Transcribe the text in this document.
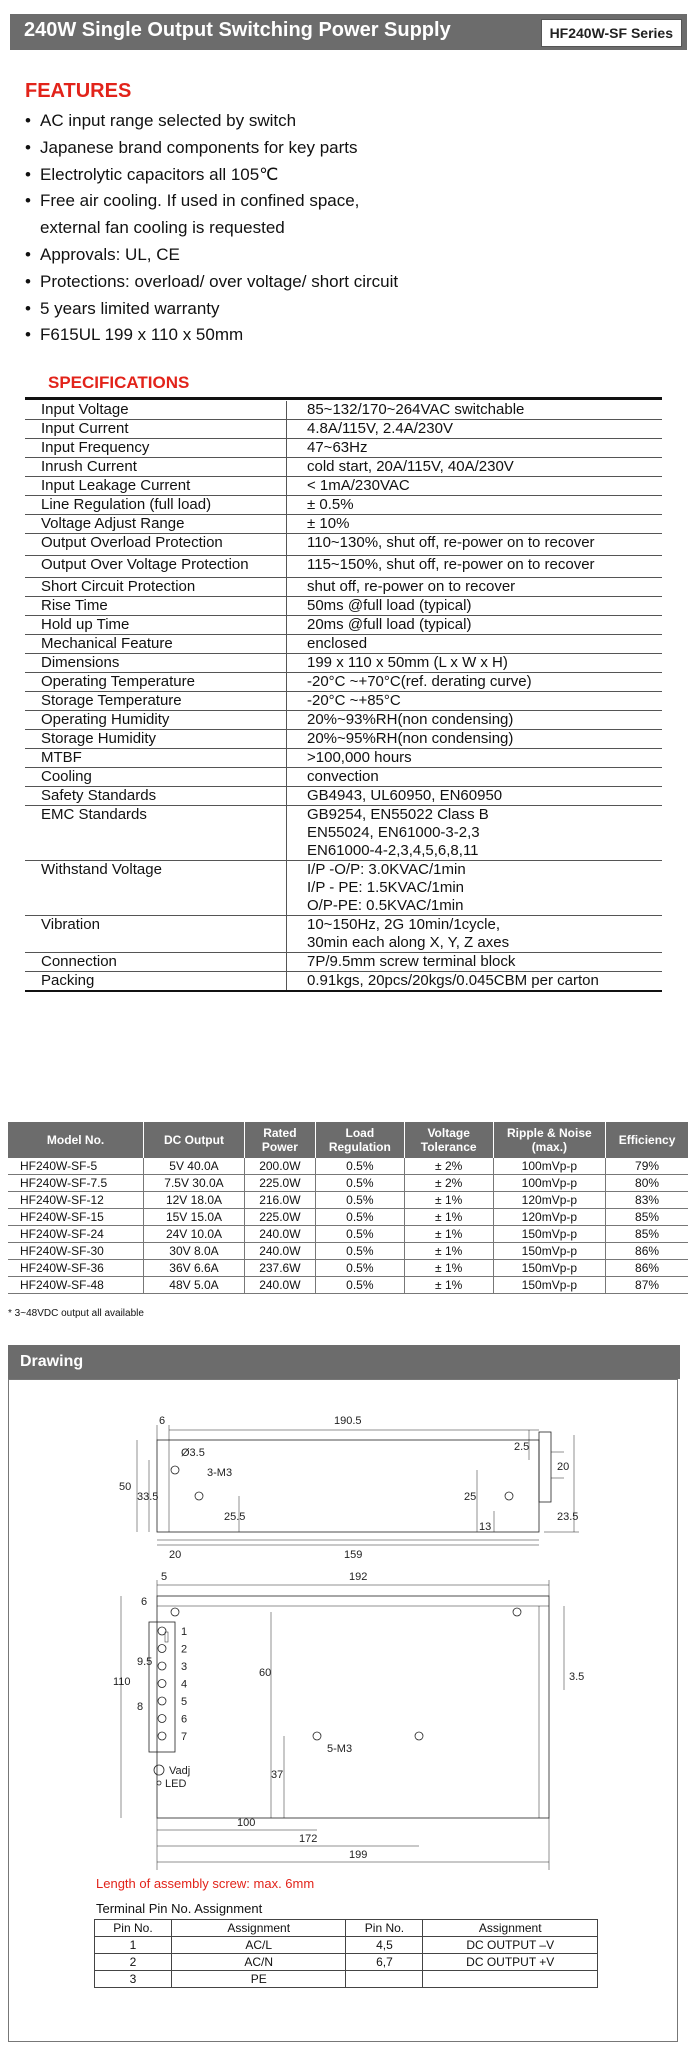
240W Single Output Switching Power Supply	HF240W-SF Series
FEATURES
• AC input range selected by switch
• Japanese brand components for key parts
• Electrolytic capacitors all 105℃
• Free air cooling. If used in confined space,
external fan cooling is requested
• Approvals: UL, CE
• Protections: overload/ over voltage/ short circuit
• 5 years limited warranty
• F615UL 199 x 110 x 50mm
SPECIFICATIONS
Input Voltage	85~132/170~264VAC switchable
Input Current	4.8A/115V, 2.4A/230V
Input Frequency	47~63Hz
Inrush Current	cold start, 20A/115V, 40A/230V
Input Leakage Current	< 1mA/230VAC
Line Regulation (full load)	± 0.5%
Voltage Adjust Range	± 10%
Output Overload Protection	110~130%, shut off, re-power on to recover
Output Over Voltage Protection	115~150%, shut off, re-power on to recover
Short Circuit Protection	shut off, re-power on to recover
Rise Time	50ms @full load (typical)
Hold up Time	20ms @full load (typical)
Mechanical Feature	enclosed
Dimensions	199 x 110 x 50mm (L x W x H)
Operating Temperature	-20°C ~+70°C(ref. derating curve)
Storage Temperature	-20°C ~+85°C
Operating Humidity	20%~93%RH(non condensing)
Storage Humidity	20%~95%RH(non condensing)
MTBF	>100,000 hours
Cooling	convection
Safety Standards	GB4943, UL60950, EN60950
EMC Standards	GB9254, EN55022 Class B
EN55024, EN61000-3-2,3
EN61000-4-2,3,4,5,6,8,11
Withstand Voltage	I/P -O/P: 3.0KVAC/1min
I/P - PE: 1.5KVAC/1min
O/P-PE: 0.5KVAC/1min
Vibration	10~150Hz, 2G 10min/1cycle,
30min each along X, Y, Z axes
Connection	7P/9.5mm screw terminal block
Packing	0.91kgs, 20pcs/20kgs/0.045CBM per carton
Model No.	DC Output	Rated Power	Load Regulation	Voltage Tolerance	Ripple & Noise (max.)	Efficiency
HF240W-SF-5	5V 40.0A	200.0W	0.5%	± 2%	100mVp-p	79%
HF240W-SF-7.5	7.5V 30.0A	225.0W	0.5%	± 2%	100mVp-p	80%
HF240W-SF-12	12V 18.0A	216.0W	0.5%	± 1%	120mVp-p	83%
HF240W-SF-15	15V 15.0A	225.0W	0.5%	± 1%	120mVp-p	85%
HF240W-SF-24	24V 10.0A	240.0W	0.5%	± 1%	150mVp-p	85%
HF240W-SF-30	30V 8.0A	240.0W	0.5%	± 1%	150mVp-p	86%
HF240W-SF-36	36V 6.6A	237.6W	0.5%	± 1%	150mVp-p	86%
HF240W-SF-48	48V 5.0A	240.0W	0.5%	± 1%	150mVp-p	87%
* 3~48VDC output all available
Drawing
6	190.5
Ø3.5
3-M3
50
33.5
25.5
2.5
25
20
13
23.5
20	159
5	192
6
9.5
8
110
60
37
3.5
5-M3
100
172
199
Vadj
LED
1
2
3
4
5
6
7
Length of assembly screw: max. 6mm
Terminal Pin No. Assignment
Pin No.	Assignment	Pin No.	Assignment
1	AC/L	4,5	DC OUTPUT –V
2	AC/N	6,7	DC OUTPUT +V
3	PE		
